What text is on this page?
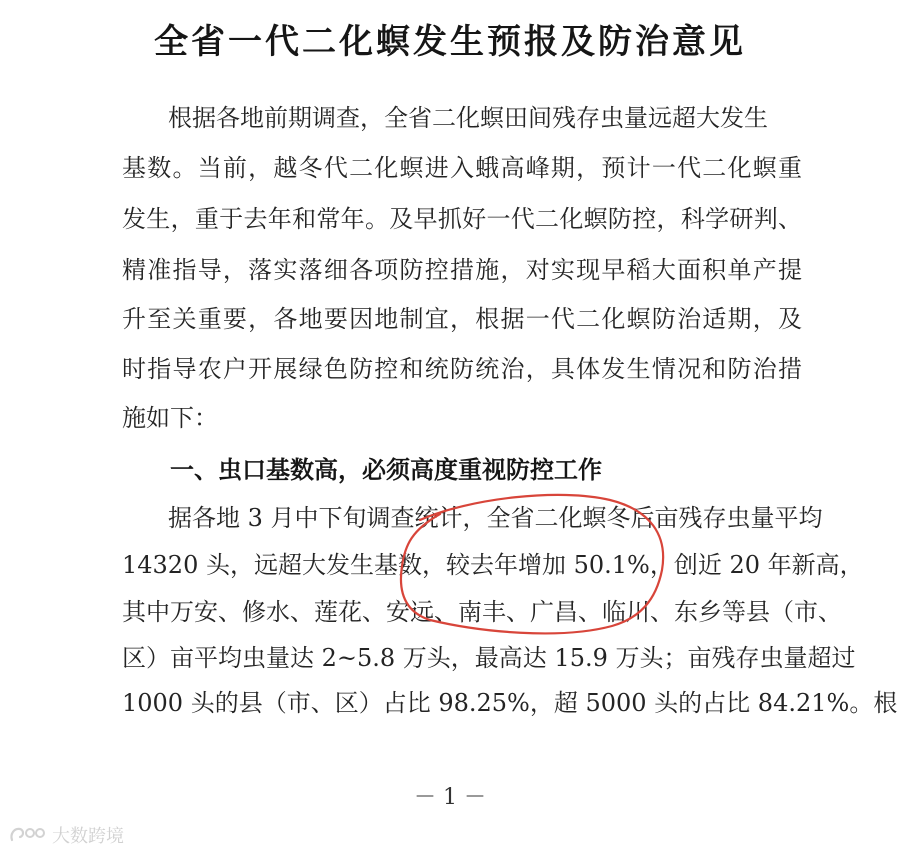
全省一代二化螟发生预报及防治意见
根据各地前期调查，全省二化螟田间残存虫量远超大发生
基数。当前，越冬代二化螟进入蛾高峰期，预计一代二化螟重
发生，重于去年和常年。及早抓好一代二化螟防控，科学研判、
精准指导，落实落细各项防控措施，对实现早稻大面积单产提
升至关重要，各地要因地制宜，根据一代二化螟防治适期，及
时指导农户开展绿色防控和统防统治，具体发生情况和防治措
施如下：
一、虫口基数高，必须高度重视防控工作
据各地 3 月中下旬调查统计，全省二化螟冬后亩残存虫量平均
14320 头，远超大发生基数，较去年增加 50.1%，创近 20 年新高，
其中万安、修水、莲花、安远、南丰、广昌、临川、东乡等县（市、
区）亩平均虫量达 2~5.8 万头，最高达 15.9 万头；亩残存虫量超过
1000 头的县（市、区）占比 98.25%，超 5000 头的占比 84.21%。根
－ 1 －
大数跨境
